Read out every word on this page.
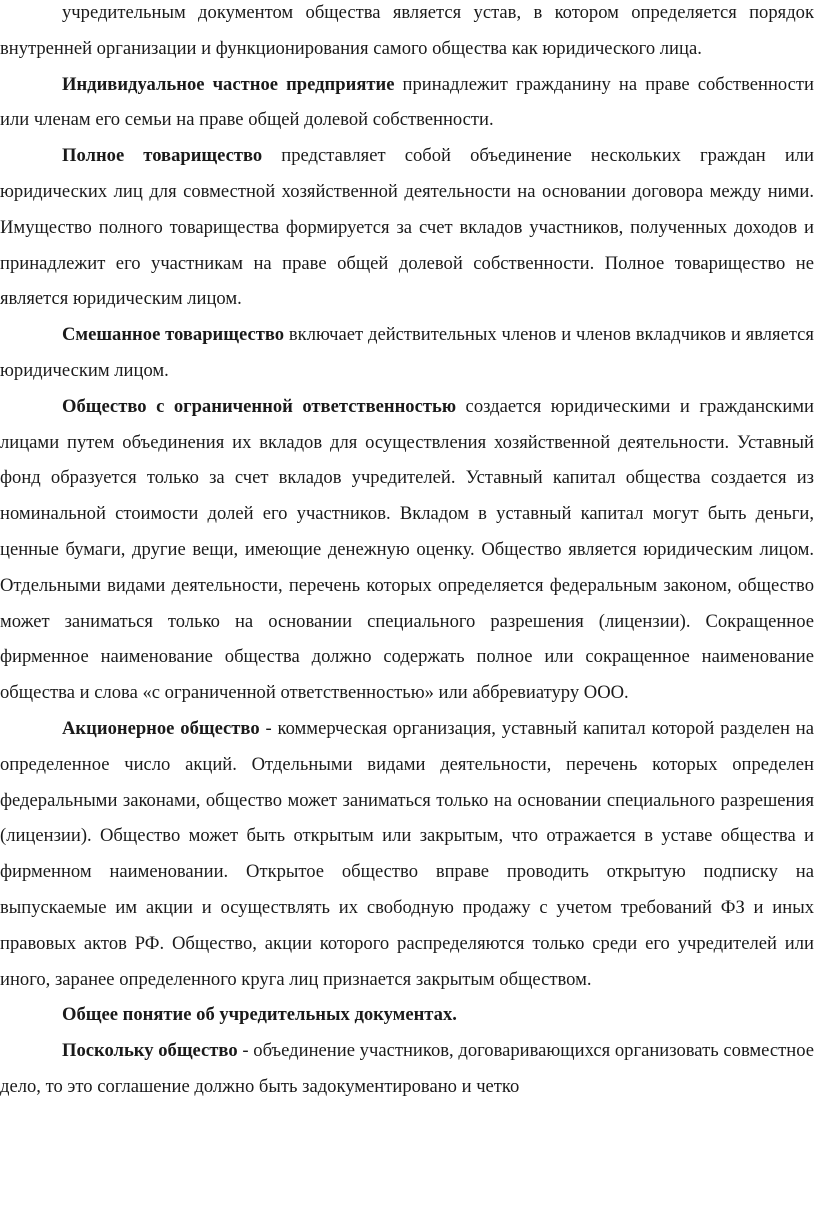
учредительным документом общества является устав, в котором определяется порядок внутренней организации и функционирования самого общества как юридического лица.

Индивидуальное частное предприятие принадлежит гражданину на праве собственности или членам его семьи на праве общей долевой собственности.

Полное товарищество представляет собой объединение нескольких граждан или юридических лиц для совместной хозяйственной деятельности на основании договора между ними. Имущество полного товарищества формируется за счет вкладов участников, полученных доходов и принадлежит его участникам на праве общей долевой собственности. Полное товарищество не является юридическим лицом.

Смешанное товарищество включает действительных членов и членов вкладчиков и является юридическим лицом.

Общество с ограниченной ответственностью создается юридическими и гражданскими лицами путем объединения их вкладов для осуществления хозяйственной деятельности. Уставный фонд образуется только за счет вкладов учредителей. Уставный капитал общества создается из номинальной стоимости долей его участников. Вкладом в уставный капитал могут быть деньги, ценные бумаги, другие вещи, имеющие денежную оценку. Общество является юридическим лицом. Отдельными видами деятельности, перечень которых определяется федеральным законом, общество может заниматься только на основании специального разрешения (лицензии). Сокращенное фирменное наименование общества должно содержать полное или сокращенное наименование общества и слова «с ограниченной ответственностью» или аббревиатуру ООО.

Акционерное общество - коммерческая организация, уставный капитал которой разделен на определенное число акций. Отдельными видами деятельности, перечень которых определен федеральными законами, общество может заниматься только на основании специального разрешения (лицензии). Общество может быть открытым или закрытым, что отражается в уставе общества и фирменном наименовании. Открытое общество вправе проводить открытую подписку на выпускаемые им акции и осуществлять их свободную продажу с учетом требований ФЗ и иных правовых актов РФ. Общество, акции которого распределяются только среди его учредителей или иного, заранее определенного круга лиц признается закрытым обществом.

Общее понятие об учредительных документах.

Поскольку общество - объединение участников, договаривающихся организовать совместное дело, то это соглашение должно быть задокументировано и четко
